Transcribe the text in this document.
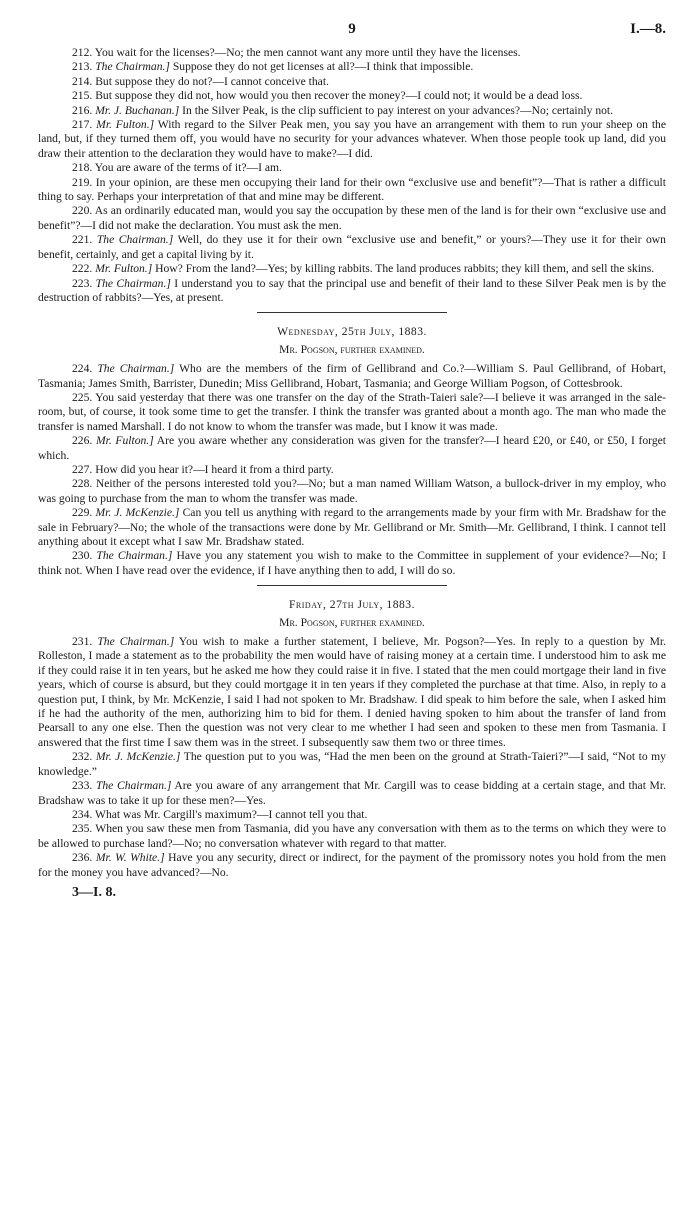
9	I.—8.

212. You wait for the licenses?—No; the men cannot want any more until they have the licenses.

213. The Chairman.] Suppose they do not get licenses at all?—I think that impossible.

214. But suppose they do not?—I cannot conceive that.

215. But suppose they did not, how would you then recover the money?—I could not; it would be a dead loss.

216. Mr. J. Buchanan.] In the Silver Peak, is the clip sufficient to pay interest on your advances?—No; certainly not.

217. Mr. Fulton.] With regard to the Silver Peak men, you say you have an arrangement with them to run your sheep on the land, but, if they turned them off, you would have no security for your advances whatever. When those people took up land, did you draw their attention to the declaration they would have to make?—I did.

218. You are aware of the terms of it?—I am.

219. In your opinion, are these men occupying their land for their own “exclusive use and benefit”?—That is rather a difficult thing to say. Perhaps your interpretation of that and mine may be different.

220. As an ordinarily educated man, would you say the occupation by these men of the land is for their own “exclusive use and benefit”?—I did not make the declaration. You must ask the men.

221. The Chairman.] Well, do they use it for their own “exclusive use and benefit,” or yours?—They use it for their own benefit, certainly, and get a capital living by it.

222. Mr. Fulton.] How? From the land?—Yes; by killing rabbits. The land produces rabbits; they kill them, and sell the skins.

223. The Chairman.] I understand you to say that the principal use and benefit of their land to these Silver Peak men is by the destruction of rabbits?—Yes, at present.

Wednesday, 25th July, 1883.
Mr. Pogson, further examined.

224. The Chairman.] Who are the members of the firm of Gellibrand and Co.?—William S. Paul Gellibrand, of Hobart, Tasmania; James Smith, Barrister, Dunedin; Miss Gellibrand, Hobart, Tasmania; and George William Pogson, of Cottesbrook.

225. You said yesterday that there was one transfer on the day of the Strath-Taieri sale?—I believe it was arranged in the sale-room, but, of course, it took some time to get the transfer. I think the transfer was granted about a month ago. The man who made the transfer is named Marshall. I do not know to whom the transfer was made, but I know it was made.

226. Mr. Fulton.] Are you aware whether any consideration was given for the transfer?—I heard £20, or £40, or £50, I forget which.

227. How did you hear it?—I heard it from a third party.

228. Neither of the persons interested told you?—No; but a man named William Watson, a bullock-driver in my employ, who was going to purchase from the man to whom the transfer was made.

229. Mr. J. McKenzie.] Can you tell us anything with regard to the arrangements made by your firm with Mr. Bradshaw for the sale in February?—No; the whole of the transactions were done by Mr. Gellibrand or Mr. Smith—Mr. Gellibrand, I think. I cannot tell anything about it except what I saw Mr. Bradshaw stated.

230. The Chairman.] Have you any statement you wish to make to the Committee in supplement of your evidence?—No; I think not. When I have read over the evidence, if I have anything then to add, I will do so.

Friday, 27th July, 1883.
Mr. Pogson, further examined.

231. The Chairman.] You wish to make a further statement, I believe, Mr. Pogson?—Yes. In reply to a question by Mr. Rolleston, I made a statement as to the probability the men would have of raising money at a certain time. I understood him to ask me if they could raise it in ten years, but he asked me how they could raise it in five. I stated that the men could mortgage their land in five years, which of course is absurd, but they could mortgage it in ten years if they completed the purchase at that time. Also, in reply to a question put, I think, by Mr. McKenzie, I said I had not spoken to Mr. Bradshaw. I did speak to him before the sale, when I asked him if he had the authority of the men, authorizing him to bid for them. I denied having spoken to him about the transfer of land from Pearsall to any one else. Then the question was not very clear to me whether I had seen and spoken to these men from Tasmania. I answered that the first time I saw them was in the street. I subsequently saw them two or three times.

232. Mr. J. McKenzie.] The question put to you was, “Had the men been on the ground at Strath-Taieri?”—I said, “Not to my knowledge.”

233. The Chairman.] Are you aware of any arrangement that Mr. Cargill was to cease bidding at a certain stage, and that Mr. Bradshaw was to take it up for these men?—Yes.

234. What was Mr. Cargill's maximum?—I cannot tell you that.

235. When you saw these men from Tasmania, did you have any conversation with them as to the terms on which they were to be allowed to purchase land?—No; no conversation whatever with regard to that matter.

236. Mr. W. White.] Have you any security, direct or indirect, for the payment of the promissory notes you hold from the men for the money you have advanced?—No.

3—I. 8.
